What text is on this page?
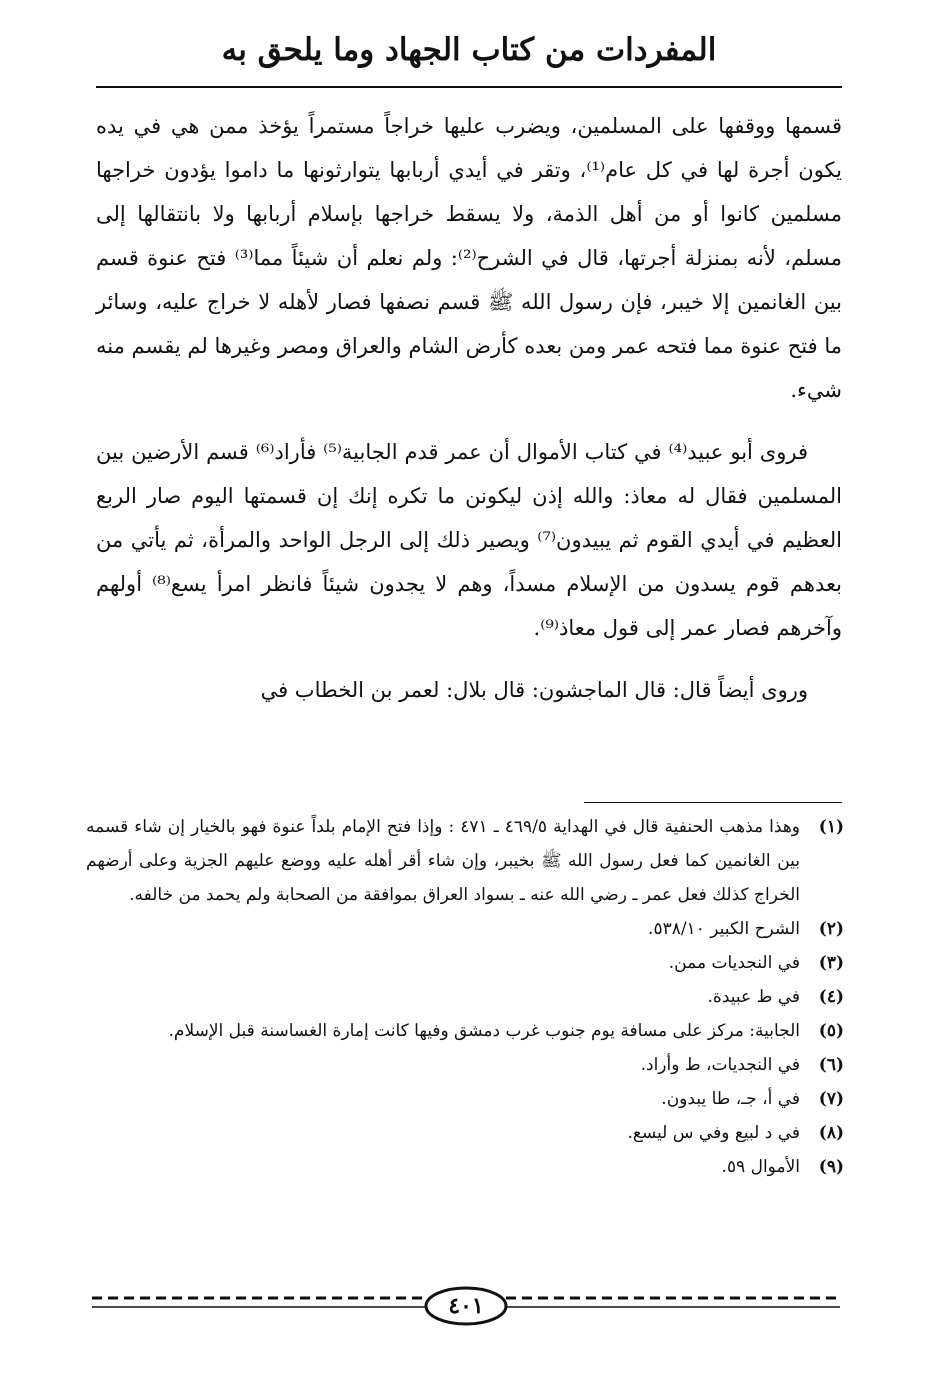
المفردات من كتاب الجهاد وما يلحق به

قسمها ووقفها على المسلمين، ويضرب عليها خراجاً مستمراً يؤخذ ممن هي في يده يكون أجرة لها في كل عام⁽¹⁾، وتقر في أيدي أربابها يتوارثونها ما داموا يؤدون خراجها مسلمين كانوا أو من أهل الذمة، ولا يسقط خراجها بإسلام أربابها ولا بانتقالها إلى مسلم، لأنه بمنزلة أجرتها، قال في الشرح⁽²⁾: ولم نعلم أن شيئاً مما⁽³⁾ فتح عنوة قسم بين الغانمين إلا خيبر، فإن رسول الله ﷺ قسم نصفها فصار لأهله لا خراج عليه، وسائر ما فتح عنوة مما فتحه عمر ومن بعده كأرض الشام والعراق ومصر وغيرها لم يقسم منه شيء.

فروى أبو عبيد⁽⁴⁾ في كتاب الأموال أن عمر قدم الجابية⁽⁵⁾ فأراد⁽⁶⁾ قسم الأرضين بين المسلمين فقال له معاذ: والله إذن ليكونن ما تكره إنك إن قسمتها اليوم صار الربع العظيم في أيدي القوم ثم يبيدون⁽⁷⁾ ويصير ذلك إلى الرجل الواحد والمرأة، ثم يأتي من بعدهم قوم يسدون من الإسلام مسداً، وهم لا يجدون شيئاً فانظر امرأ يسع⁽⁸⁾ أولهم وآخرهم فصار عمر إلى قول معاذ⁽⁹⁾.

وروى أيضاً قال: قال الماجشون: قال بلال: لعمر بن الخطاب في

(١)
وهذا مذهب الحنفية قال في الهداية ٤٦٩/٥ ـ ٤٧١ : وإذا فتح الإمام بلداً عنوة فهو بالخيار إن شاء قسمه بين الغانمين كما فعل رسول الله ﷺ بخيبر، وإن شاء أقر أهله عليه ووضع عليهم الجزية وعلى أرضهم الخراج كذلك فعل عمر ـ رضي الله عنه ـ بسواد العراق بموافقة من الصحابة ولم يحمد من خالفه.
(٢)
الشرح الكبير ٥٣٨/١٠.
(٣)
في النجديات ممن.
(٤)
في ط عبيدة.
(٥)
الجابية: مركز على مسافة يوم جنوب غرب دمشق وفيها كانت إمارة الغساسنة قبل الإسلام.
(٦)
في النجديات، ط وأراد.
(٧)
في أ، جـ، طا يبدون.
(٨)
في د لبيع وفي س ليسع.
(٩)
الأموال ٥٩.
٤٠١
